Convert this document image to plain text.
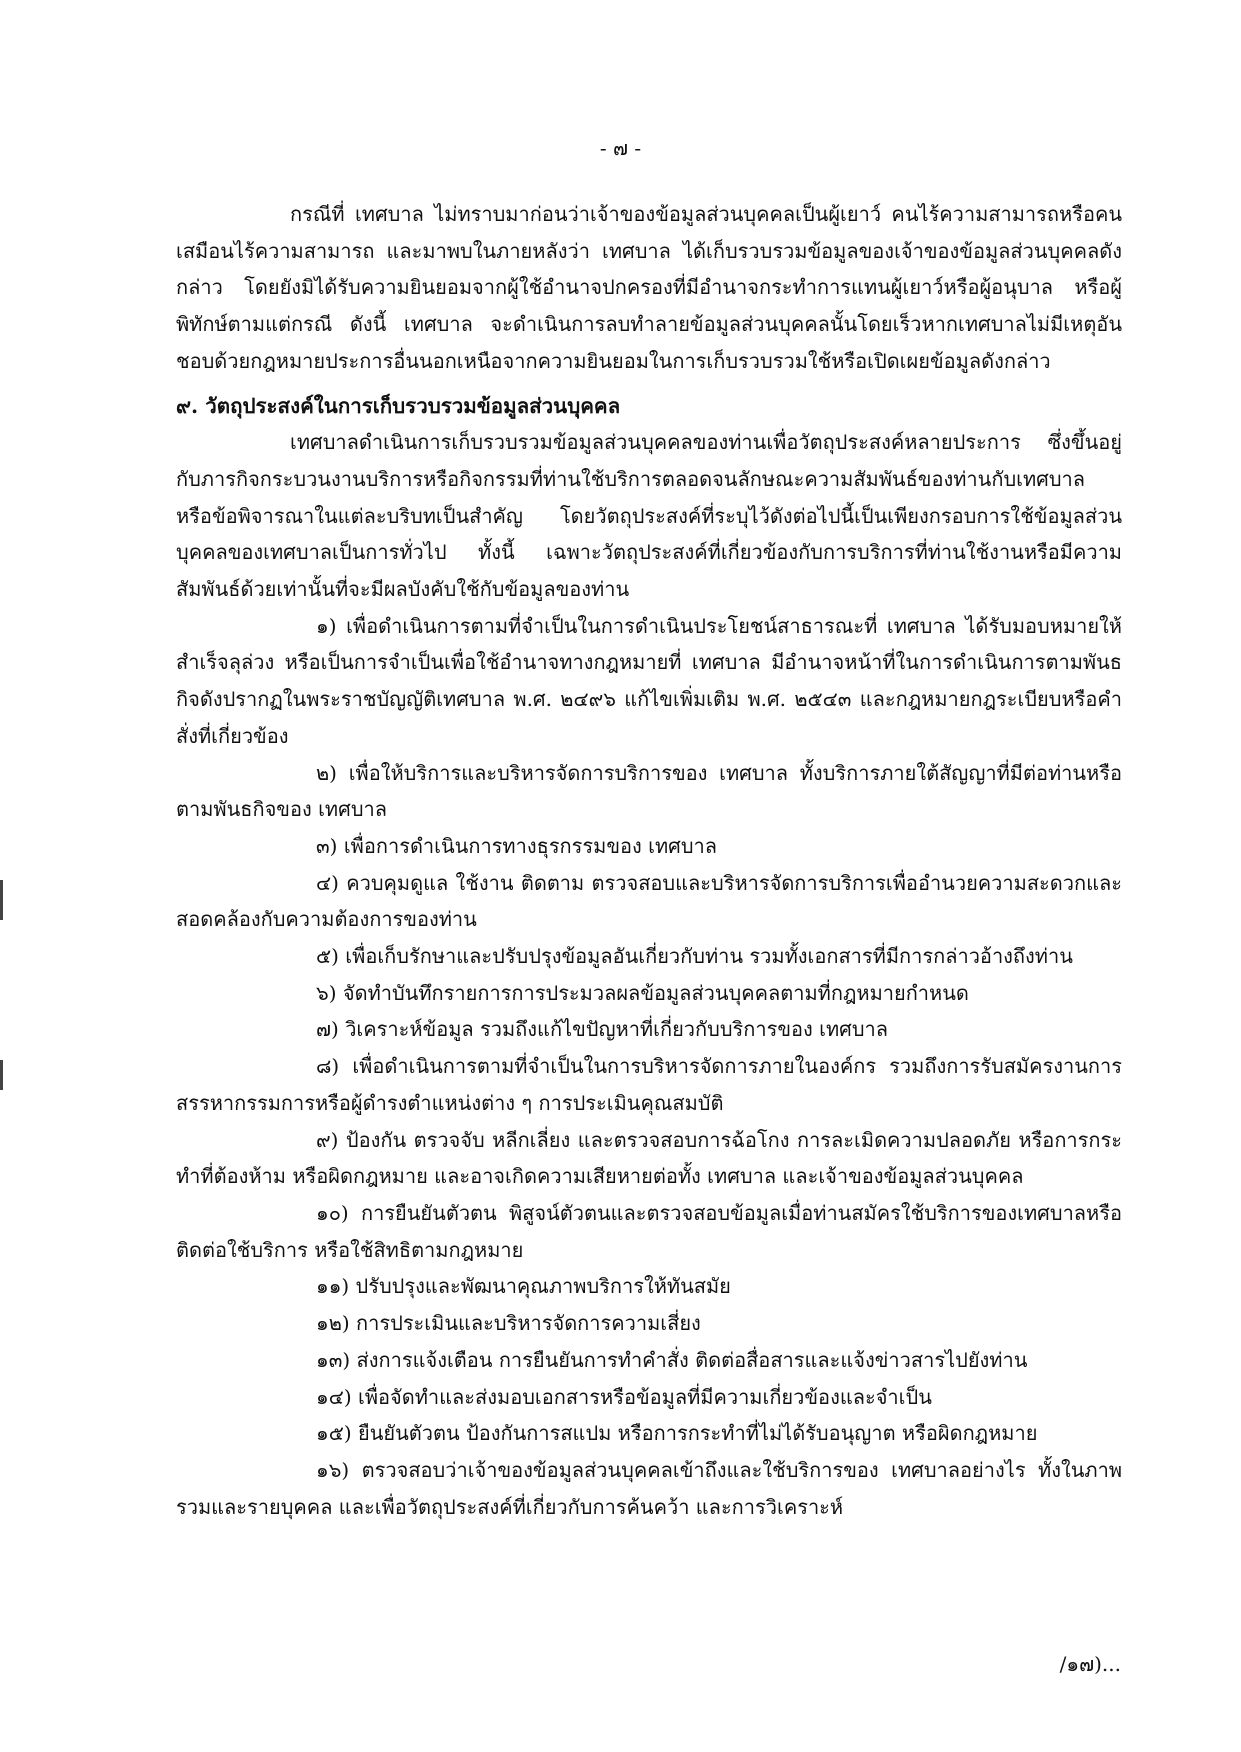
- ๗ -

กรณีที่ เทศบาล ไม่ทราบมาก่อนว่าเจ้าของข้อมูลส่วนบุคคลเป็นผู้เยาว์ คนไร้ความสามารถหรือคน เสมือนไร้ความสามารถ และมาพบในภายหลังว่า เทศบาล ได้เก็บรวบรวมข้อมูลของเจ้าของข้อมูลส่วนบุคคลดังกล่าว โดยยังมิได้รับความยินยอมจากผู้ใช้อำนาจปกครองที่มีอำนาจกระทำการแทนผู้เยาว์หรือผู้อนุบาล หรือผู้พิทักษ์ตามแต่กรณี ดังนี้ เทศบาล จะดำเนินการลบทำลายข้อมูลส่วนบุคคลนั้นโดยเร็วหากเทศบาลไม่มีเหตุอันชอบด้วยกฎหมายประการอื่นนอกเหนือจากความยินยอมในการเก็บรวบรวมใช้หรือเปิดเผยข้อมูลดังกล่าว

๙. วัตถุประสงค์ในการเก็บรวบรวมข้อมูลส่วนบุคคล

เทศบาลดำเนินการเก็บรวบรวมข้อมูลส่วนบุคคลของท่านเพื่อวัตถุประสงค์หลายประการ ซึ่งขึ้นอยู่กับภารกิจกระบวนงานบริการหรือกิจกรรมที่ท่านใช้บริการตลอดจนลักษณะความสัมพันธ์ของท่านกับเทศบาล หรือข้อพิจารณาในแต่ละบริบทเป็นสำคัญ โดยวัตถุประสงค์ที่ระบุไว้ดังต่อไปนี้เป็นเพียงกรอบการใช้ข้อมูลส่วนบุคคลของเทศบาลเป็นการทั่วไป ทั้งนี้ เฉพาะวัตถุประสงค์ที่เกี่ยวข้องกับการบริการที่ท่านใช้งานหรือมีความสัมพันธ์ด้วยเท่านั้นที่จะมีผลบังคับใช้กับข้อมูลของท่าน

๑) เพื่อดำเนินการตามที่จำเป็นในการดำเนินประโยชน์สาธารณะที่ เทศบาล ได้รับมอบหมายให้สำเร็จลุล่วง หรือเป็นการจำเป็นเพื่อใช้อำนาจทางกฎหมายที่ เทศบาล มีอำนาจหน้าที่ในการดำเนินการตามพันธกิจดังปรากฏในพระราชบัญญัติเทศบาล พ.ศ. ๒๔๙๖ แก้ไขเพิ่มเติม พ.ศ. ๒๕๔๓ และกฎหมายกฎระเบียบหรือคำสั่งที่เกี่ยวข้อง

๒) เพื่อให้บริการและบริหารจัดการบริการของ เทศบาล ทั้งบริการภายใต้สัญญาที่มีต่อท่านหรือตามพันธกิจของ เทศบาล

๓) เพื่อการดำเนินการทางธุรกรรมของ เทศบาล

๔) ควบคุมดูแล ใช้งาน ติดตาม ตรวจสอบและบริหารจัดการบริการเพื่ออำนวยความสะดวกและ สอดคล้องกับความต้องการของท่าน

๕) เพื่อเก็บรักษาและปรับปรุงข้อมูลอันเกี่ยวกับท่าน รวมทั้งเอกสารที่มีการกล่าวอ้างถึงท่าน

๖) จัดทำบันทึกรายการการประมวลผลข้อมูลส่วนบุคคลตามที่กฎหมายกำหนด

๗) วิเคราะห์ข้อมูล รวมถึงแก้ไขปัญหาที่เกี่ยวกับบริการของ เทศบาล

๘) เพื่อดำเนินการตามที่จำเป็นในการบริหารจัดการภายในองค์กร รวมถึงการรับสมัครงานการ สรรหากรรมการหรือผู้ดำรงตำแหน่งต่าง ๆ การประเมินคุณสมบัติ

๙) ป้องกัน ตรวจจับ หลีกเลี่ยง และตรวจสอบการฉ้อโกง การละเมิดความปลอดภัย หรือการกระทำที่ต้องห้าม หรือผิดกฎหมาย และอาจเกิดความเสียหายต่อทั้ง เทศบาล และเจ้าของข้อมูลส่วนบุคคล

๑๐) การยืนยันตัวตน พิสูจน์ตัวตนและตรวจสอบข้อมูลเมื่อท่านสมัครใช้บริการของเทศบาลหรือติดต่อใช้บริการ หรือใช้สิทธิตามกฎหมาย

๑๑) ปรับปรุงและพัฒนาคุณภาพบริการให้ทันสมัย

๑๒) การประเมินและบริหารจัดการความเสี่ยง

๑๓) ส่งการแจ้งเตือน การยืนยันการทำคำสั่ง ติดต่อสื่อสารและแจ้งข่าวสารไปยังท่าน

๑๔) เพื่อจัดทำและส่งมอบเอกสารหรือข้อมูลที่มีความเกี่ยวข้องและจำเป็น

๑๕) ยืนยันตัวตน ป้องกันการสแปม หรือการกระทำที่ไม่ได้รับอนุญาต หรือผิดกฎหมาย

๑๖) ตรวจสอบว่าเจ้าของข้อมูลส่วนบุคคลเข้าถึงและใช้บริการของ เทศบาลอย่างไร ทั้งในภาพรวมและรายบุคคล และเพื่อวัตถุประสงค์ที่เกี่ยวกับการค้นคว้า และการวิเคราะห์

/๑๗)...
